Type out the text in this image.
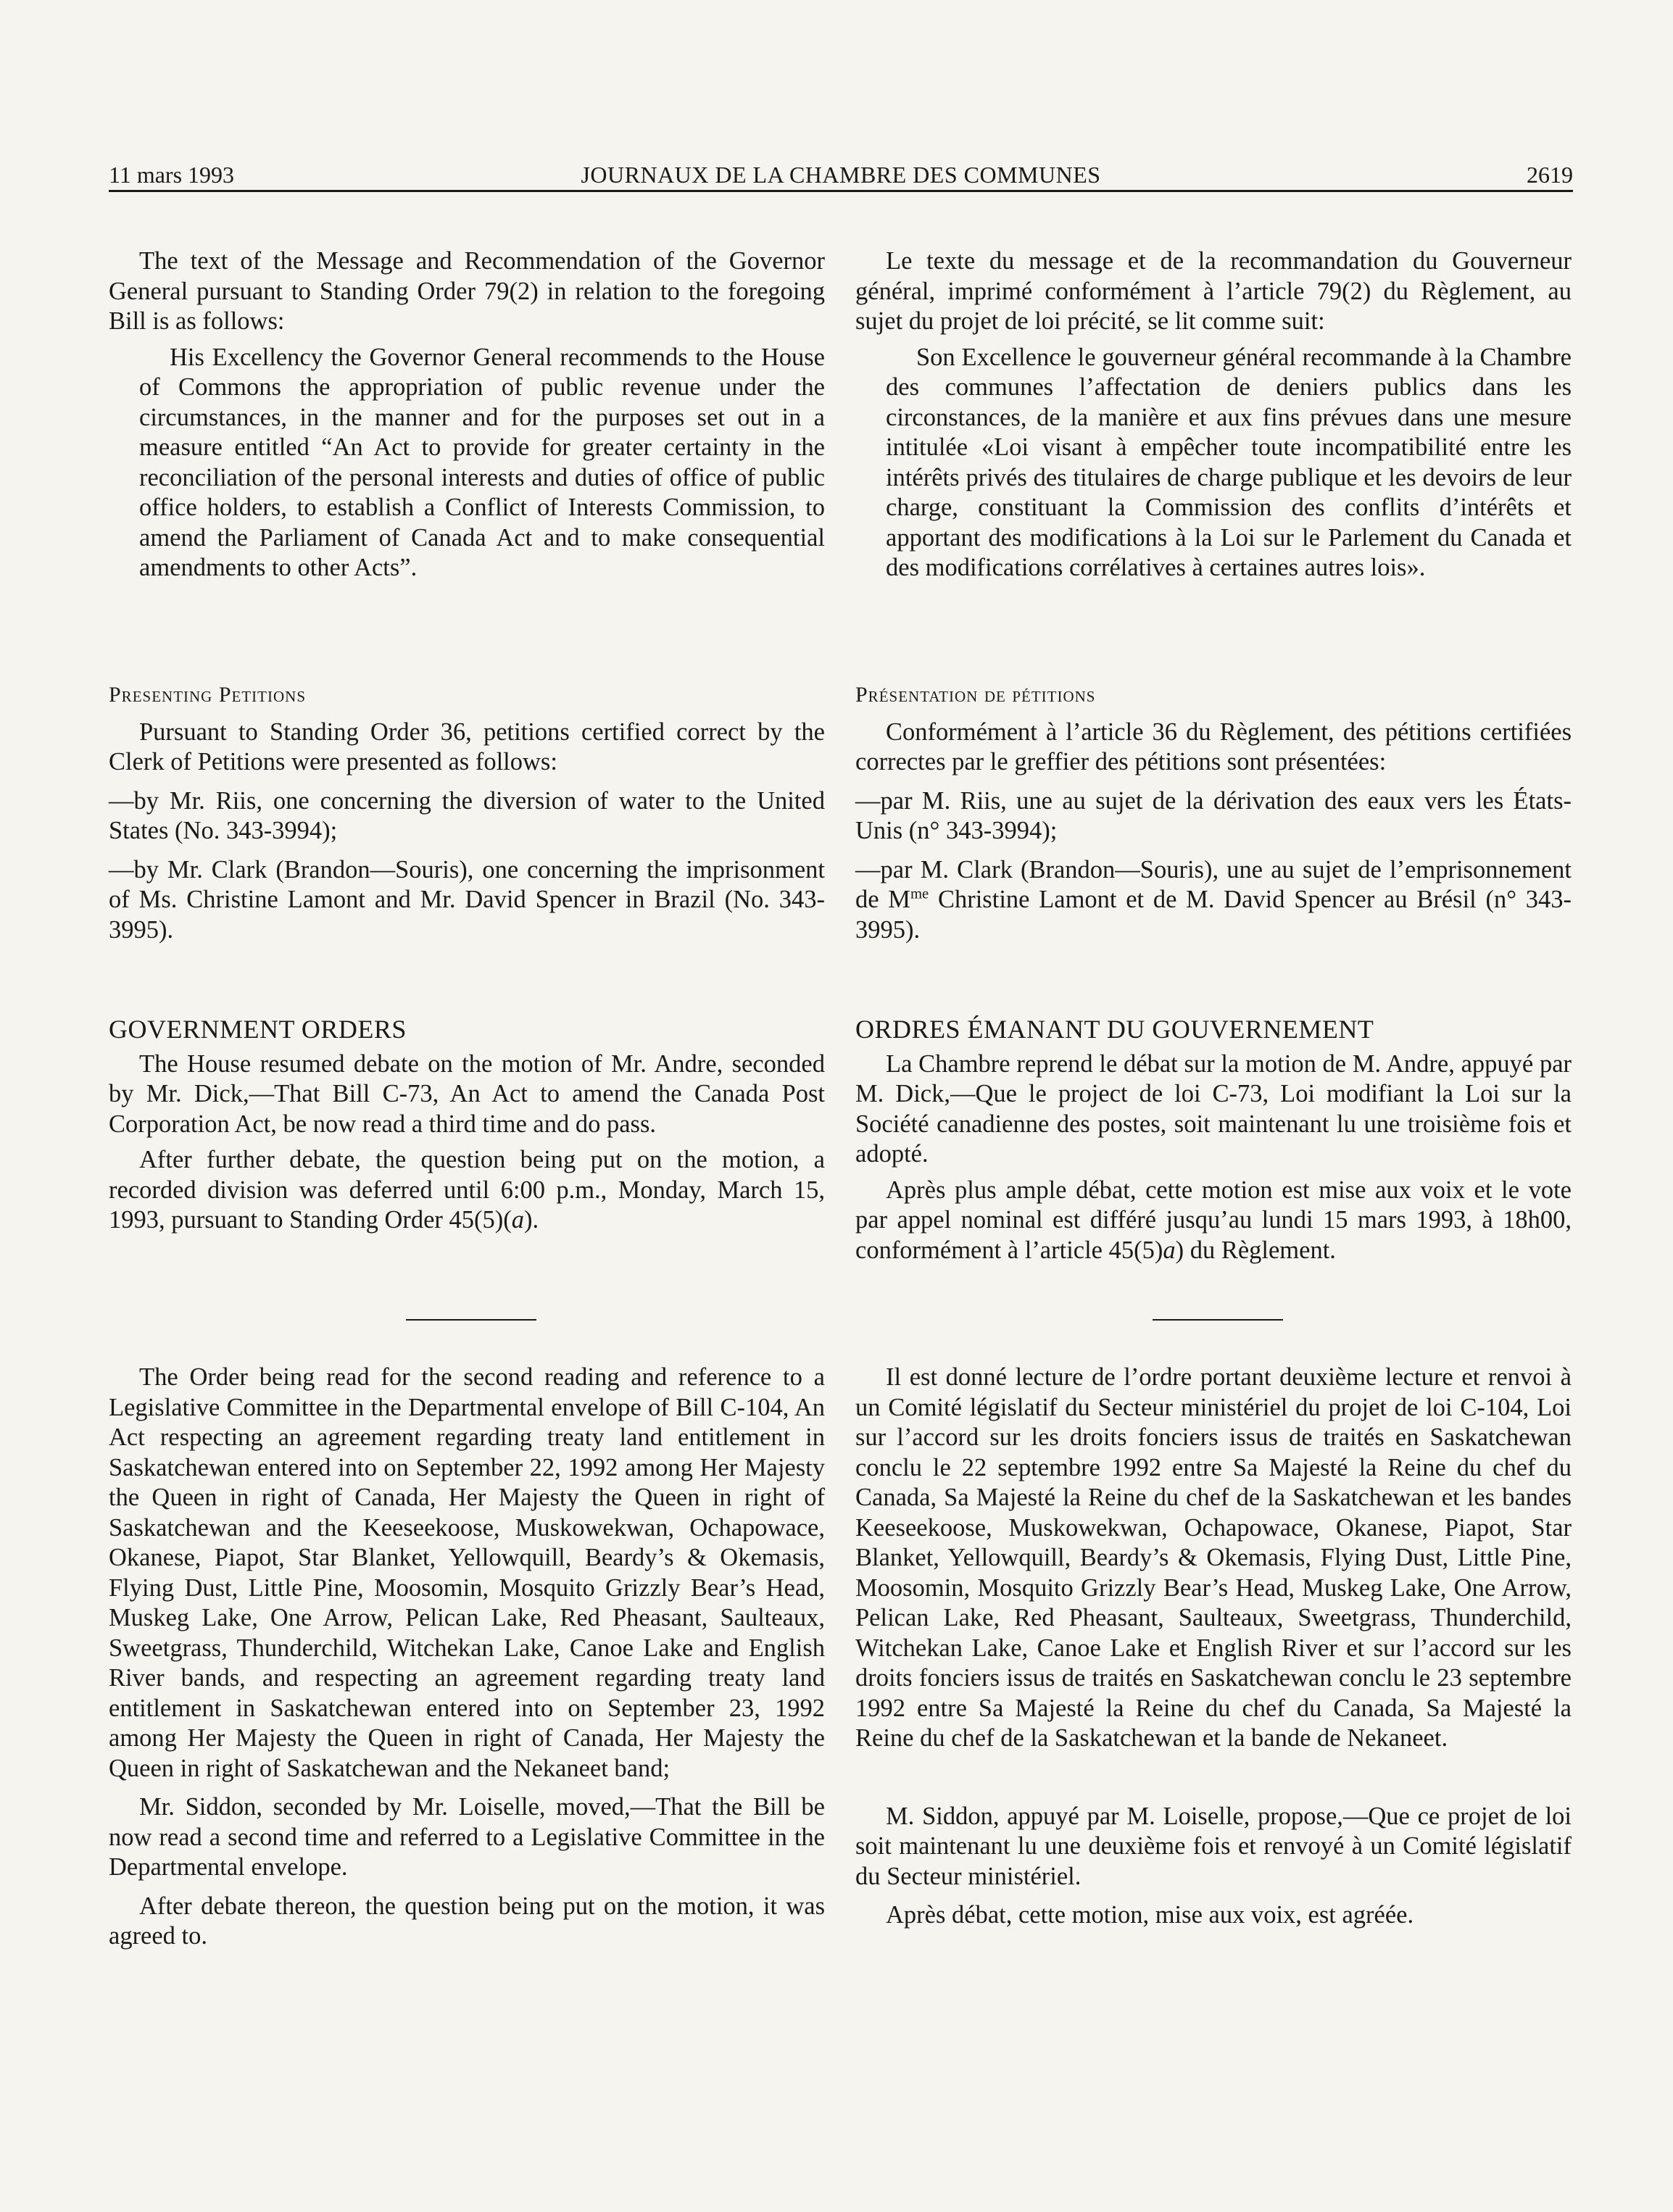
11 mars 1993	JOURNAUX DE LA CHAMBRE DES COMMUNES	2619

The text of the Message and Recommendation of the Governor General pursuant to Standing Order 79(2) in relation to the foregoing Bill is as follows:

His Excellency the Governor General recommends to the House of Commons the appropriation of public revenue under the circumstances, in the manner and for the purposes set out in a measure entitled “An Act to provide for greater certainty in the reconciliation of the personal interests and duties of office of public office holders, to establish a Conflict of Interests Commission, to amend the Parliament of Canada Act and to make consequential amendments to other Acts”.

Presenting Petitions

Pursuant to Standing Order 36, petitions certified correct by the Clerk of Petitions were presented as follows:

—by Mr. Riis, one concerning the diversion of water to the United States (No. 343-3994);

—by Mr. Clark (Brandon—Souris), one concerning the imprisonment of Ms. Christine Lamont and Mr. David Spencer in Brazil (No. 343-3995).

GOVERNMENT ORDERS

The House resumed debate on the motion of Mr. Andre, seconded by Mr. Dick,—That Bill C-73, An Act to amend the Canada Post Corporation Act, be now read a third time and do pass.

After further debate, the question being put on the motion, a recorded division was deferred until 6:00 p.m., Monday, March 15, 1993, pursuant to Standing Order 45(5)(a).

The Order being read for the second reading and reference to a Legislative Committee in the Departmental envelope of Bill C-104, An Act respecting an agreement regarding treaty land entitlement in Saskatchewan entered into on September 22, 1992 among Her Majesty the Queen in right of Canada, Her Majesty the Queen in right of Saskatchewan and the Keeseekoose, Muskowekwan, Ochapowace, Okanese, Piapot, Star Blanket, Yellowquill, Beardy’s & Okemasis, Flying Dust, Little Pine, Moosomin, Mosquito Grizzly Bear’s Head, Muskeg Lake, One Arrow, Pelican Lake, Red Pheasant, Saulteaux, Sweetgrass, Thunderchild, Witchekan Lake, Canoe Lake and English River bands, and respecting an agreement regarding treaty land entitlement in Saskatchewan entered into on September 23, 1992 among Her Majesty the Queen in right of Canada, Her Majesty the Queen in right of Saskatchewan and the Nekaneet band;

Mr. Siddon, seconded by Mr. Loiselle, moved,—That the Bill be now read a second time and referred to a Legislative Committee in the Departmental envelope.

After debate thereon, the question being put on the motion, it was agreed to.

Le texte du message et de la recommandation du Gouverneur général, imprimé conformément à l’article 79(2) du Règlement, au sujet du projet de loi précité, se lit comme suit:

Son Excellence le gouverneur général recommande à la Chambre des communes l’affectation de deniers publics dans les circonstances, de la manière et aux fins prévues dans une mesure intitulée «Loi visant à empêcher toute incompatibilité entre les intérêts privés des titulaires de charge publique et les devoirs de leur charge, constituant la Commission des conflits d’intérêts et apportant des modifications à la Loi sur le Parlement du Canada et des modifications corrélatives à certaines autres lois».

Présentation de pétitions

Conformément à l’article 36 du Règlement, des pétitions certifiées correctes par le greffier des pétitions sont présentées:

—par M. Riis, une au sujet de la dérivation des eaux vers les États-Unis (n° 343-3994);

—par M. Clark (Brandon—Souris), une au sujet de l’emprisonnement de $M^{me}$ Christine Lamont et de M. David Spencer au Brésil (n° 343-3995).

ORDRES ÉMANANT DU GOUVERNEMENT

La Chambre reprend le débat sur la motion de M. Andre, appuyé par M. Dick,—Que le project de loi C-73, Loi modifiant la Loi sur la Société canadienne des postes, soit maintenant lu une troisième fois et adopté.

Après plus ample débat, cette motion est mise aux voix et le vote par appel nominal est différé jusqu’au lundi 15 mars 1993, à 18h00, conformément à l’article 45(5)a) du Règlement.

Il est donné lecture de l’ordre portant deuxième lecture et renvoi à un Comité législatif du Secteur ministériel du projet de loi C-104, Loi sur l’accord sur les droits fonciers issus de traités en Saskatchewan conclu le 22 septembre 1992 entre Sa Majesté la Reine du chef du Canada, Sa Majesté la Reine du chef de la Saskatchewan et les bandes Keeseekoose, Muskowekwan, Ochapowace, Okanese, Piapot, Star Blanket, Yellowquill, Beardy’s & Okemasis, Flying Dust, Little Pine, Moosomin, Mosquito Grizzly Bear’s Head, Muskeg Lake, One Arrow, Pelican Lake, Red Pheasant, Saulteaux, Sweetgrass, Thunderchild, Witchekan Lake, Canoe Lake et English River et sur l’accord sur les droits fonciers issus de traités en Saskatchewan conclu le 23 septembre 1992 entre Sa Majesté la Reine du chef du Canada, Sa Majesté la Reine du chef de la Saskatchewan et la bande de Nekaneet.

M. Siddon, appuyé par M. Loiselle, propose,—Que ce projet de loi soit maintenant lu une deuxième fois et renvoyé à un Comité législatif du Secteur ministériel.

Après débat, cette motion, mise aux voix, est agréée.
